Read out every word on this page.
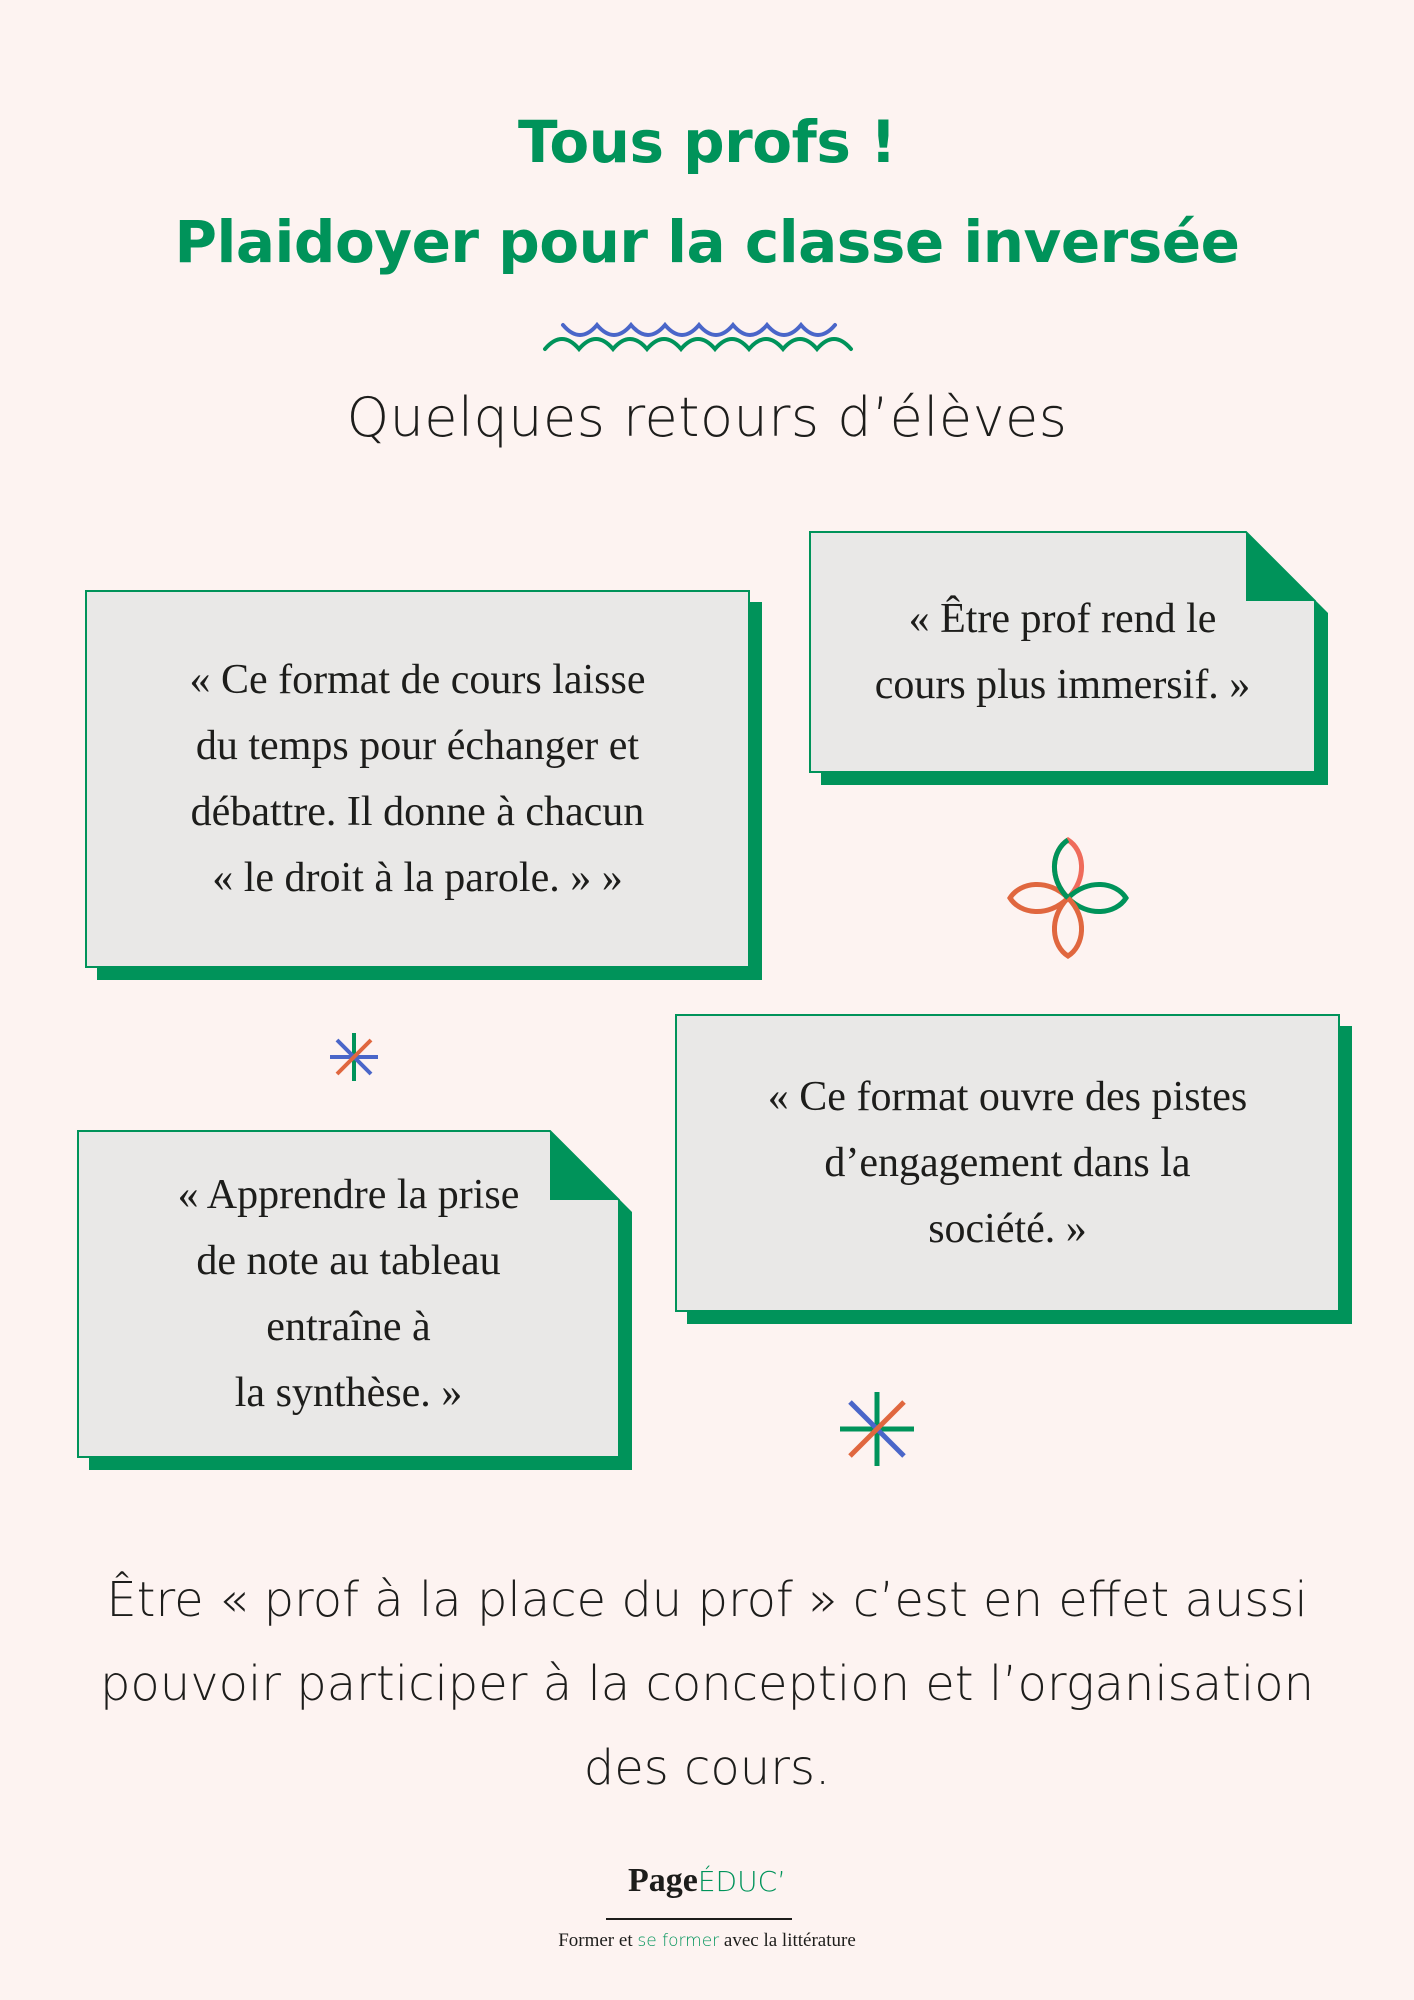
Tous profs !
Plaidoyer pour la classe inversée
Quelques retours d’élèves

« Ce format de cours laisse
du temps pour échanger et
débattre. Il donne à chacun
« le droit à la parole. » »

« Être prof rend le
cours plus immersif. »

« Ce format ouvre des pistes
d’engagement dans la
société. »

« Apprendre la prise
de note au tableau
entraîne à
la synthèse. »

Être « prof à la place du prof » c’est en effet aussi
pouvoir participer à la conception et l’organisation
des cours.
PageÉDUC’
Former et se former avec la littérature
